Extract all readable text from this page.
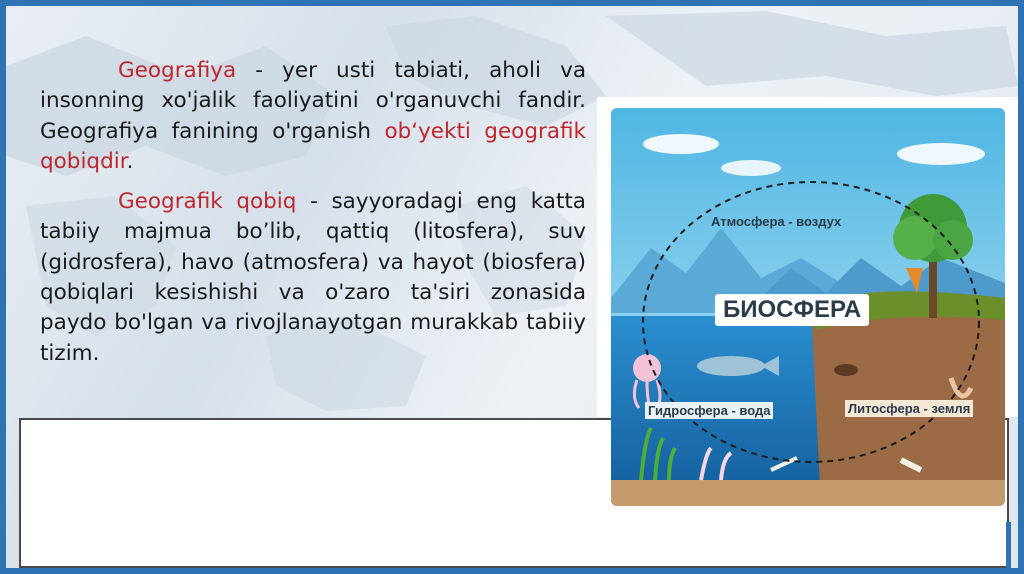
Geografiya - yer usti tabiati, aholi va insonning xo'jalik faoliyatini o'rganuvchi fandir. Geografiya fanining o'rganish ob‘yekti geografik qobiqdir.

Geografik qobiq - sayyoradagi eng katta tabiiy majmua bo’lib, qattiq (litosfera), suv (gidrosfera), havo (atmosfera) va hayot (biosfera) qobiqlari kesishishi va o'zaro ta'siri zonasida paydo bo'lgan va rivojlanayotgan murakkab tabiiy tizim.

Атмосфера - воздух
БИОСФЕРА
Гидросфера - вода	Литосфера - земля
